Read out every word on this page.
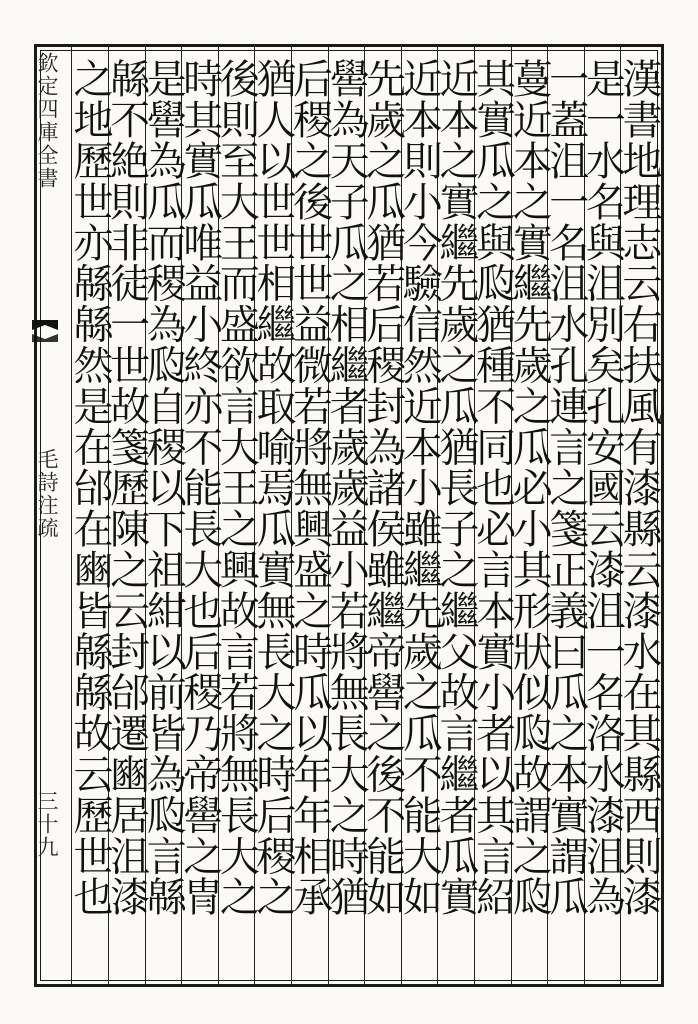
欽定四庫全書
毛詩注疏
三十九	漢書地理志云右扶風有漆縣云漆水在其縣西則漆
是一水名與沮別矣孔安國云漆沮一名洛水漆沮為
一蓋沮一名沮水孔連言之箋正義曰瓜之本實謂瓜
蔓近本之實繼先歲之瓜必小其形狀似瓝故謂之瓝
其實瓜之與瓝猶種不同也必言本實小者以其言紹
近本之實繼先歲之瓜猶長子之繼父故言繼者瓜實
近本則小今驗信然近本小雖繼先歲之瓜不能大如
先歲之瓜猶若后稷封為諸侯雖繼帝嚳之後不能如
嚳為天子瓜之相繼者歲歲益小若將無長大之時猶
后稷之後世世益微若將無興盛之時瓜以年年相承
猶人以世世相繼故取喻焉瓜實無長大之時后稷之
後則至大王而盛欲言大王之興故言若將無長大之
時其實瓜唯益小終亦不能長大也后稷乃帝嚳之冑
是嚳為瓜而稷為瓝自稷以下祖紺以前皆為瓝言緜
緜不絶則非徒一世故箋歷陳之云封邰遷豳居沮漆
之地歷世亦緜緜然是在邰在豳皆緜緜故云歷世也
